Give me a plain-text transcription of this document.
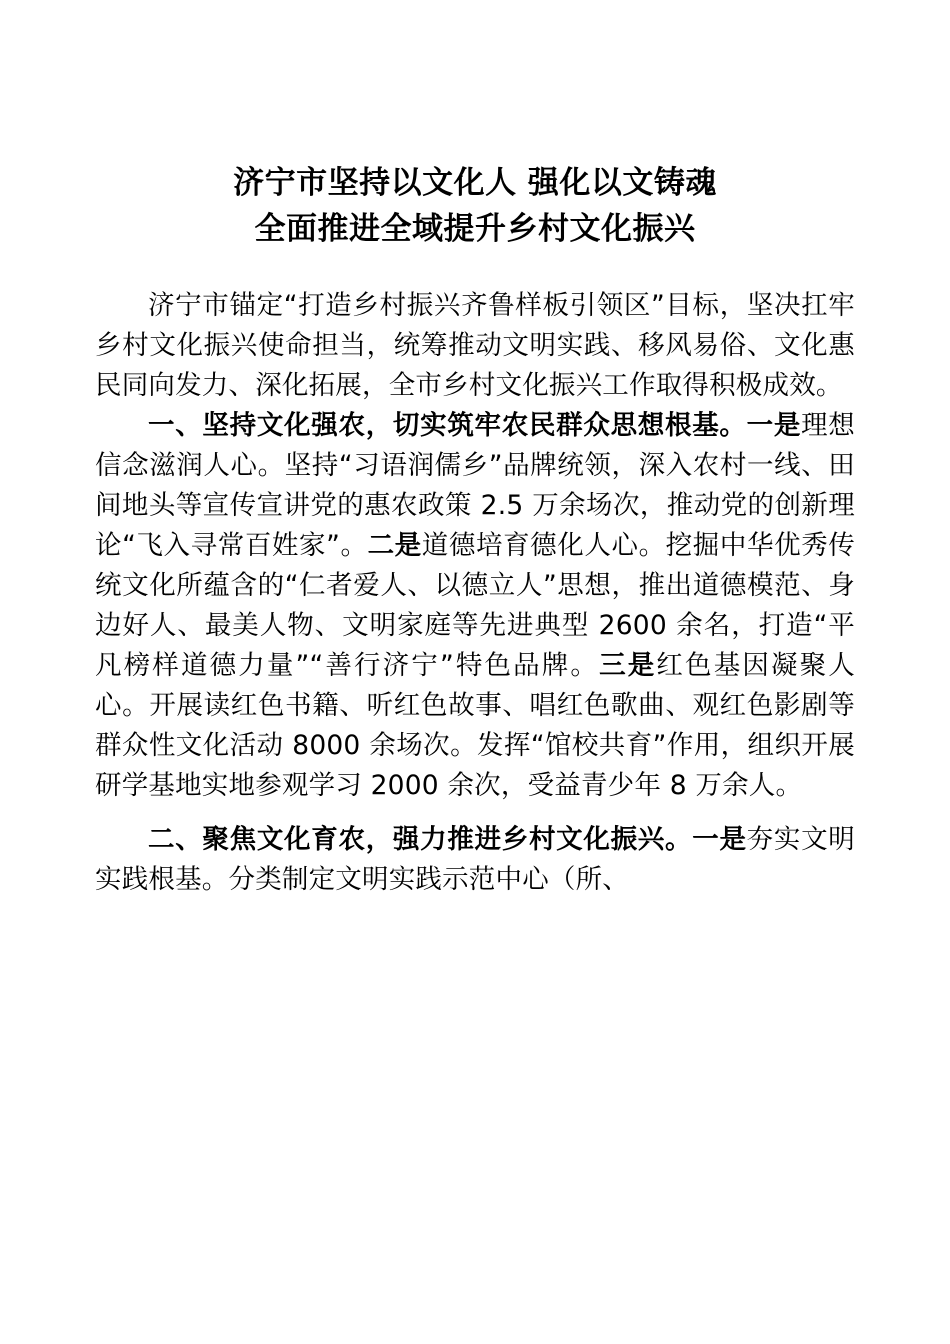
济宁市坚持以文化人 强化以文铸魂
全面推进全域提升乡村文化振兴

济宁市锚定“打造乡村振兴齐鲁样板引领区”目标，坚决扛牢乡村文化振兴使命担当，统筹推动文明实践、移风易俗、文化惠民同向发力、深化拓展，全市乡村文化振兴工作取得积极成效。

一、坚持文化强农，切实筑牢农民群众思想根基。一是理想信念滋润人心。坚持“习语润儒乡”品牌统领，深入农村一线、田间地头等宣传宣讲党的惠农政策 2.5 万余场次，推动党的创新理论“飞入寻常百姓家”。二是道德培育德化人心。挖掘中华优秀传统文化所蕴含的“仁者爱人、以德立人”思想，推出道德模范、身边好人、最美人物、文明家庭等先进典型 2600 余名，打造“平凡榜样道德力量”“善行济宁”特色品牌。三是红色基因凝聚人心。开展读红色书籍、听红色故事、唱红色歌曲、观红色影剧等群众性文化活动 8000 余场次。发挥“馆校共育”作用，组织开展研学基地实地参观学习 2000 余次，受益青少年 8 万余人。

二、聚焦文化育农，强力推进乡村文化振兴。一是夯实文明实践根基。分类制定文明实践示范中心（所、
